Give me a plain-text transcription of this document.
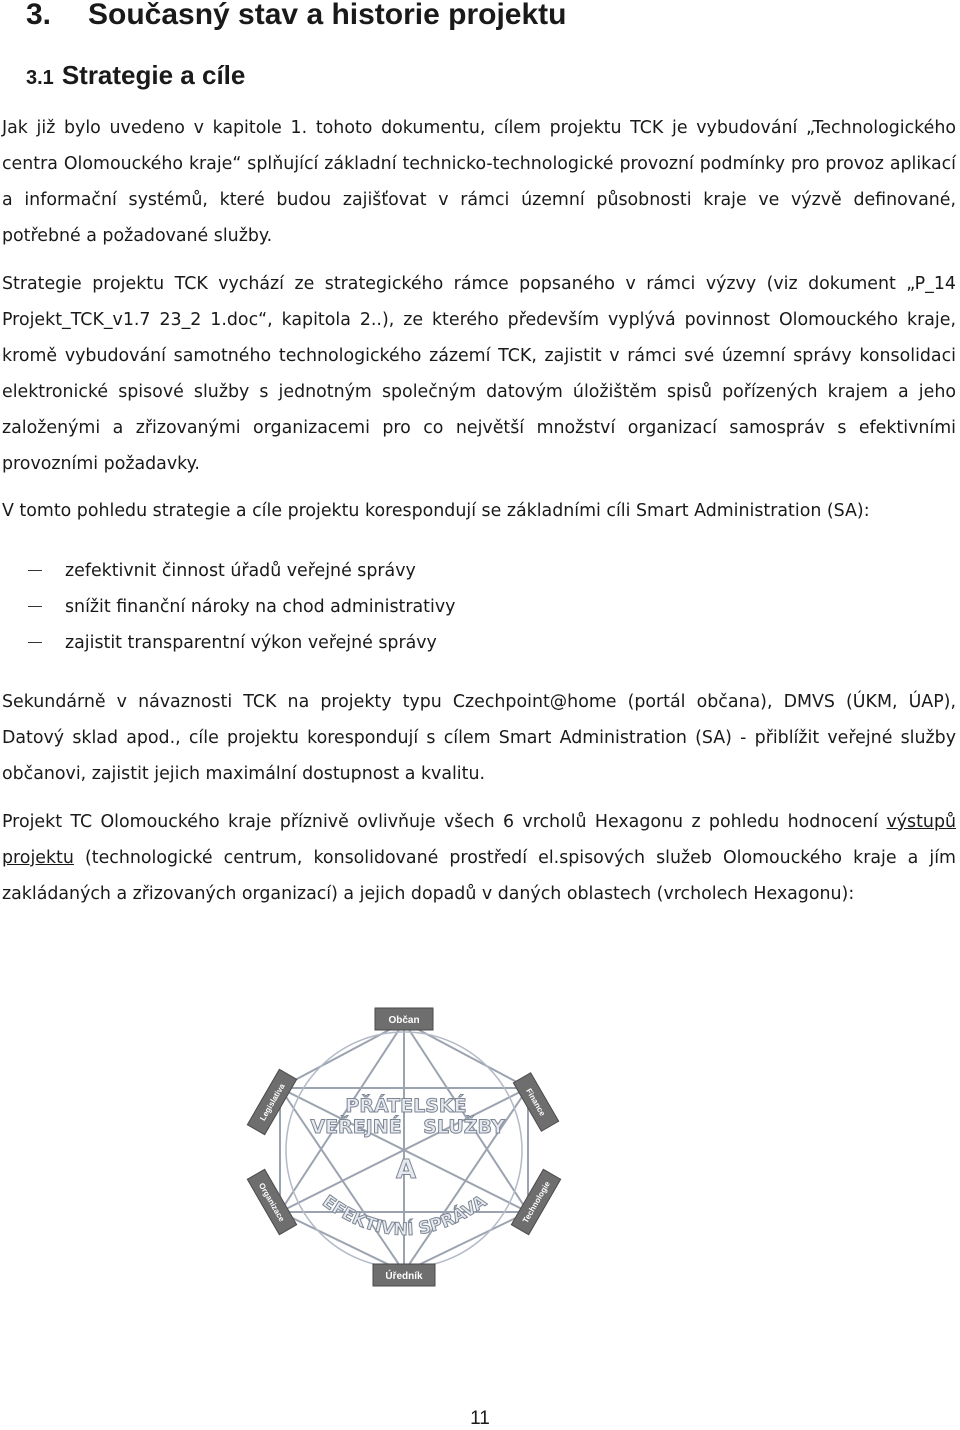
3. Současný stav a historie projektu
3.1 Strategie a cíle

Jak již bylo uvedeno v kapitole 1. tohoto dokumentu, cílem projektu TCK je vybudování „Technologického centra Olomouckého kraje“ splňující základní technicko-technologické provozní podmínky pro provoz aplikací a informační systémů, které budou zajišťovat v rámci územní působnosti kraje ve výzvě definované, potřebné a požadované služby.

Strategie projektu TCK vychází ze strategického rámce popsaného v rámci výzvy (viz dokument „P_14 Projekt_TCK_v1.7 23_2 1.doc“, kapitola 2..), ze kterého především vyplývá povinnost Olomouckého kraje, kromě vybudování samotného technologického zázemí TCK, zajistit v rámci své územní správy konsolidaci elektronické spisové služby s jednotným společným datovým úložištěm spisů pořízených krajem a jeho založenými a zřizovanými organizacemi pro co největší množství organizací samospráv s efektivními provozními požadavky.

V tomto pohledu strategie a cíle projektu korespondují se základními cíli Smart Administration (SA):

zefektivnit činnost úřadů veřejné správy
snížit finanční nároky na chod administrativy
zajistit transparentní výkon veřejné správy

Sekundárně v návaznosti TCK na projekty typu Czechpoint@home (portál občana), DMVS (ÚKM, ÚAP), Datový sklad apod., cíle projektu korespondují s cílem Smart Administration (SA) - přiblížit veřejné služby občanovi, zajistit jejich maximální dostupnost a kvalitu.

Projekt TC Olomouckého kraje příznivě ovlivňuje všech 6 vrcholů Hexagonu z pohledu hodnocení výstupů projektu (technologické centrum, konsolidované prostředí el.spisových služeb Olomouckého kraje a jím zakládaných a zřizovaných organizací) a jejich dopadů v daných oblastech (vrcholech Hexagonu):

Občan
Finance
Technologie
Úředník
Organizace
Legislativa	PŘÁTELSKÉ
VEŘEJNÉ SLUŽBY
A
EFEKTIVNÍ SPRÁVA
11
